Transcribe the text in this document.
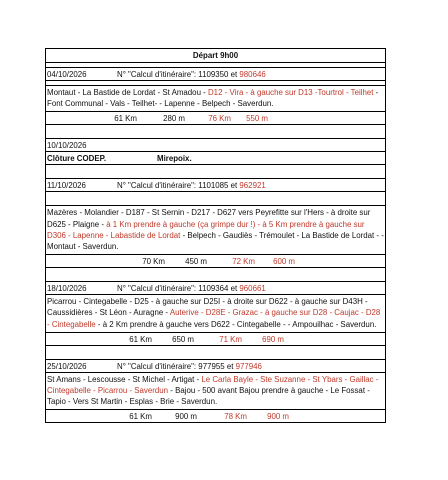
Départ 9h00
04/10/2026	N° "Calcul d'itinéraire": 1109350 et 980646
Montaut - La Bastide de Lordat - St Amadou - D12 - Vira - à gauche sur D13 -Tourtrol - Teilhet - Font Communal - Vals - Teilhet- - Lapenne - Belpech - Saverdun.
61 Km	280 m	76 Km	550 m
10/10/2026
Clôture CODEP.	Mirepoix.
11/10/2026	N° "Calcul d'itinéraire": 1101085 et 962921
Mazères - Molandier - D187 - St Sernin - D217 - D627 vers Peyrefitte sur l'Hers - à droite sur D625 - Plaigne - à 1 Km prendre à gauche (ça grimpe dur !) - à 5 Km prendre à gauche sur D306 - Lapenne - Labastide de Lordat - Belpech - Gaudiès - Trémoulet - La Bastide de Lordat - - Montaut - Saverdun.
70 Km	450 m	72 Km	600 m
18/10/2026	N° "Calcul d'itinéraire": 1109364 et 960661
Picarrou - Cintegabelle - D25 - à gauche sur D25I - à droite sur D622 - à gauche sur D43H - Caussidières - St Léon - Auragne - Auterive - D28E - Grazac - à gauche sur D28 - Caujac - D28 - Cintegabelle - à 2 Km prendre à gauche vers D622 - Cintegabelle - - Ampouilhac - Saverdun.
61 Km	650 m	71 Km	690 m
25/10/2026	N° "Calcul d'itinéraire": 977955 et 977946
St Amans - Lescousse - St Michel - Artigat - Le Carla Bayle - Ste Suzanne - St Ybars - Gaillac - Cintegabelle - Picarrou - Saverdun - Bajou - 500 avant Bajou prendre à gauche - Le Fossat - Tapio - Vers St Martin - Esplas - Brie - Saverdun.
61 Km	900 m	78 Km	900 m
